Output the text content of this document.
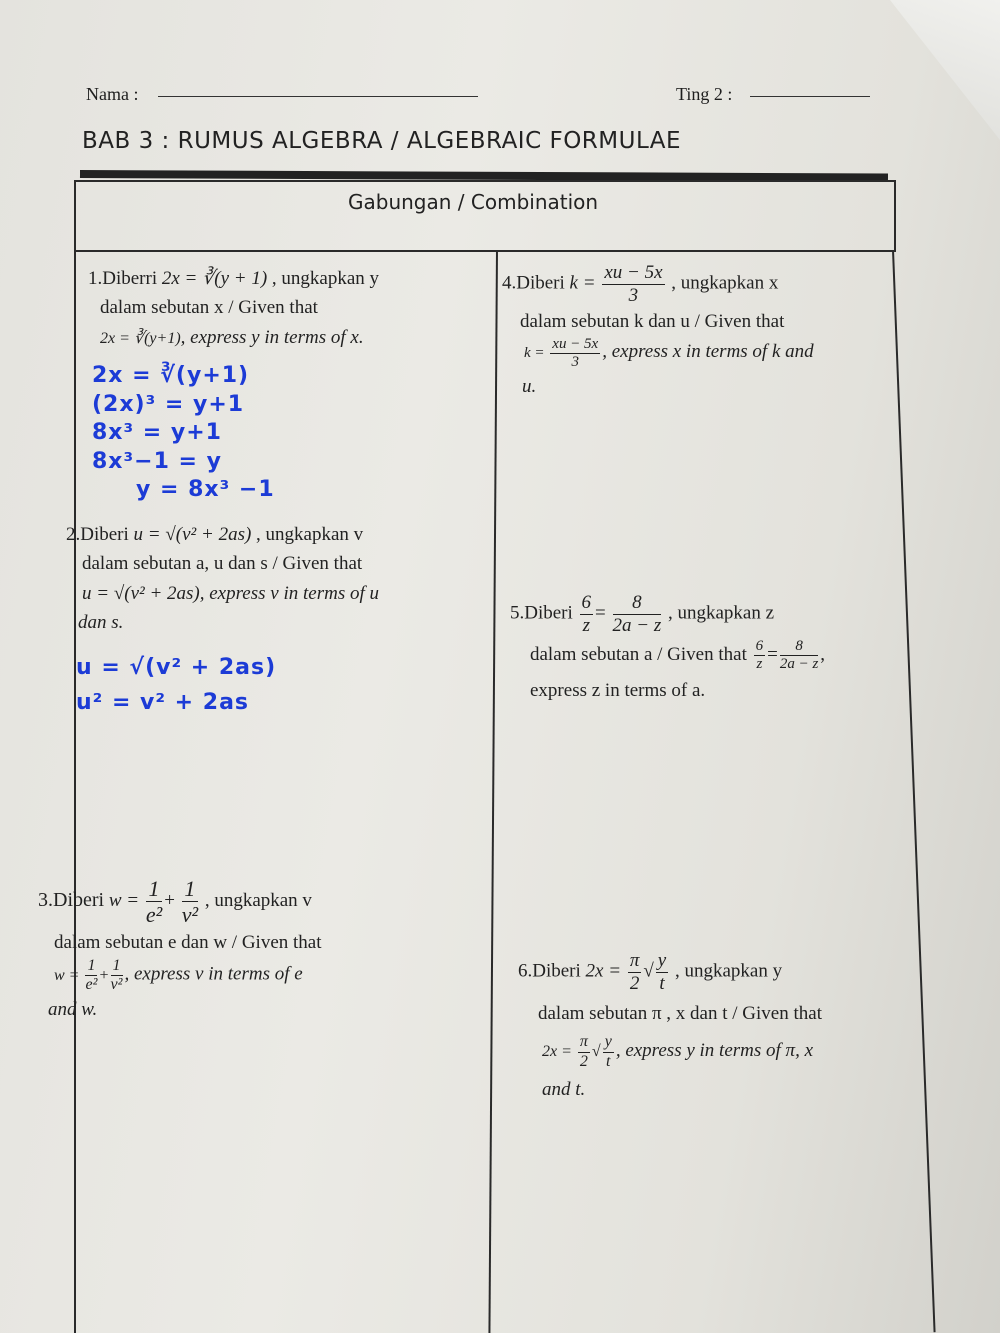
Nama :	Ting 2 :
BAB 3 : RUMUS ALGEBRA / ALGEBRAIC FORMULAE
Gabungan / Combination
1.Diberri 2x = ∛(y + 1) , ungkapkan y
dalam sebutan x / Given that
2x = ∛(y+1), express y in terms of x.
2x = ∛(y+1)
(2x)³ = y+1
8x³ = y+1
8x³−1 = y
y = 8x³ −1
2.Diberi u = √(v² + 2as) , ungkapkan v
dalam sebutan a, u dan s / Given that
u = √(v² + 2as), express v in terms of u
dan s.
u = √(v² + 2as)
u² = v² + 2as
3.Diberi $w = \frac{1}{\text{e²}} + \frac{1}{\text{v²}}$ , ungkapkan v
dalam sebutan e dan w / Given that
$w = \frac{1}{\text{e²}} + \frac{1}{\text{v²}}$ , express v in terms of e
and w.
4.Diberi $k = \frac{xu - 5x}{3}$ , ungkapkan x
dalam sebutan k dan u / Given that
$k = \frac{xu - 5x}{3}$ , express x in terms of k and
u.
5.Diberi $\frac{6}{z} = \frac{8}{2a - z}$ , ungkapkan z
dalam sebutan a / Given that $\frac{6}{z} = \frac{8}{2a - z}$ ,
express z in terms of a.
6.Diberi $2x = \frac{\pi}{2}$ √ $\frac{y}{t}$ , ungkapkan y
dalam sebutan π , x dan t / Given that
$2x = \frac{\pi}{2}$ √ $\frac{y}{t}$ , express y in terms of π, x
and t.
